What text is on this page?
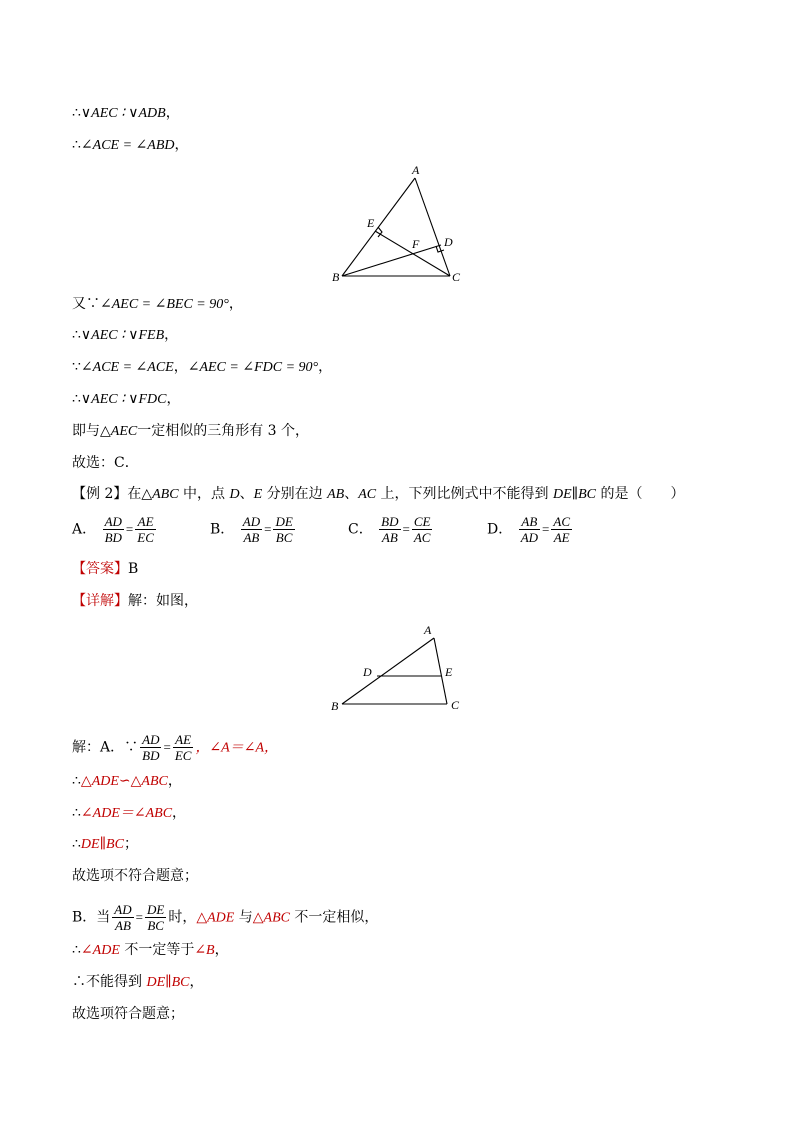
∴∨AEC ∶ ∨ADB，
∴∠ACE = ∠ABD，
A
B	C
D
E
F
又∵∠AEC = ∠BEC = 90°，
∴∨AEC ∶ ∨FEB，
∵∠ACE = ∠ACE，∠AEC = ∠FDC = 90°，
∴∨AEC ∶ ∨FDC，
即与△AEC一定相似的三角形有 3 个，
故选：C．
【例 2】在△ABC 中，点 D、E 分别在边 AB、AC 上，下列比例式中不能得到 DE∥BC 的是（　　）
A． $\frac{AD}{BD} = \frac{AE}{EC}$	B． $\frac{AD}{AB} = \frac{DE}{BC}$	C． $\frac{BD}{AB} = \frac{CE}{AC}$	D． $\frac{AB}{AD} = \frac{AC}{AE}$
【答案】B
【详解】解：如图，
A
B	C
D	E
解：A．∵ $\frac{AD}{BD} = \frac{AE}{EC}$ ，∠A＝∠A，
∴△ADE∽△ABC，
∴∠ADE＝∠ABC，
∴DE∥BC；
故选项不符合题意；
B．当 $\frac{AD}{AB} = \frac{DE}{BC}$ 时，△ADE 与△ABC 不一定相似，
∴∠ADE 不一定等于∠B，
∴不能得到 DE∥BC，
故选项符合题意；
